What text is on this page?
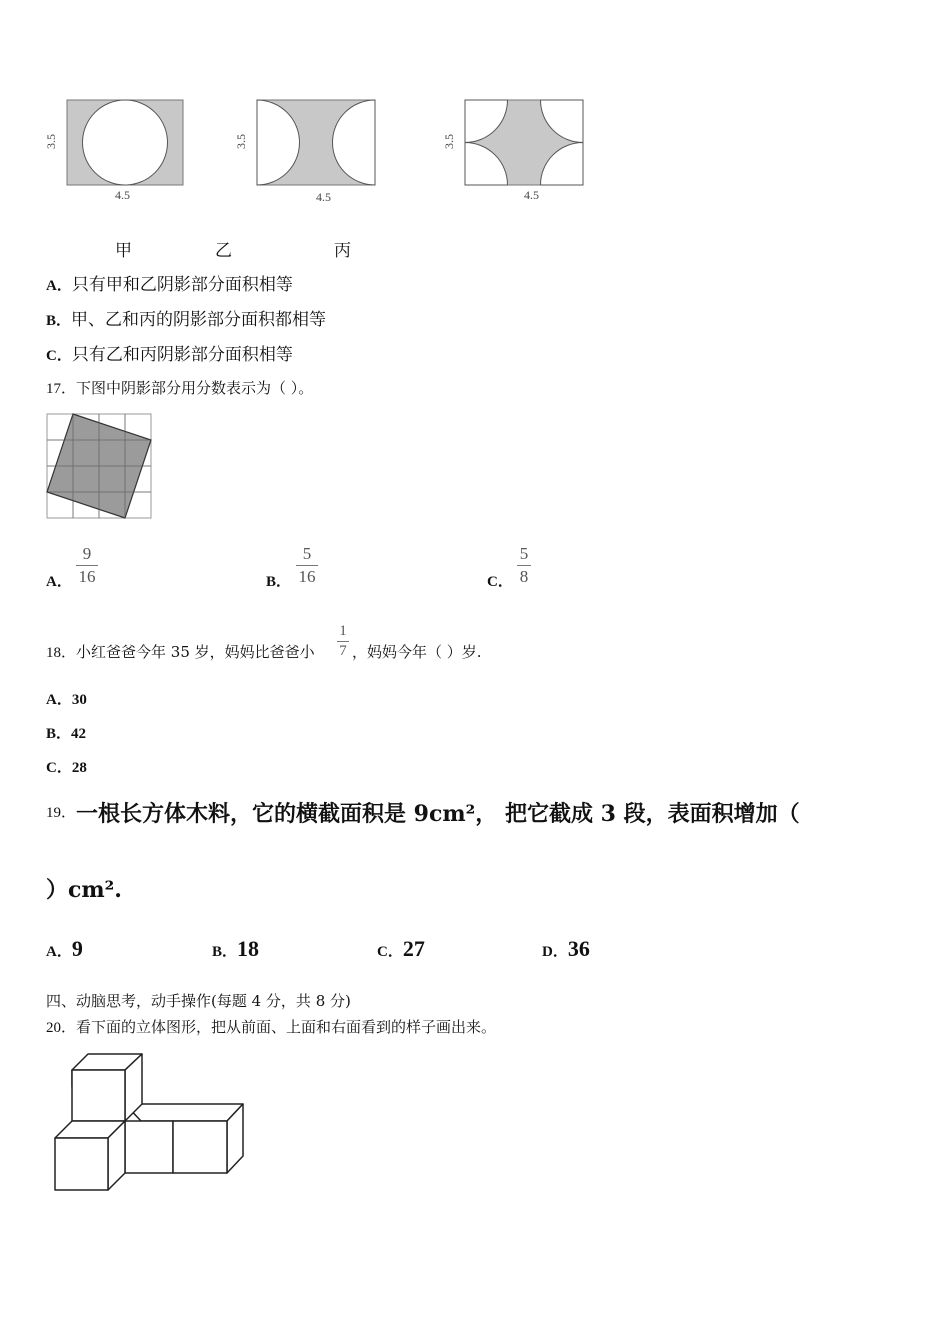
4.5
3.5
4.5
3.5
4.5
3.5
甲	乙	丙
A．只有甲和乙阴影部分面积相等
B．甲、乙和丙的阴影部分面积都相等
C．只有乙和丙阴影部分面积相等
17．下图中阴影部分用分数表示为（ ）。
A．
9
16	B．
5
16	C．
5
8
18．小红爸爸今年 35 岁，妈妈比爸爸小
1
7 ，妈妈今年（ ）岁.
A．30
B．42
C．28
19．一根长方体木料，它的横截面积是 9cm²， 把它截成 3 段，表面积增加（
）cm².
A．9	B．18	C．27	D．36
四、动脑思考，动手操作(每题 4 分，共 8 分)
20．看下面的立体图形，把从前面、上面和右面看到的样子画出来。
